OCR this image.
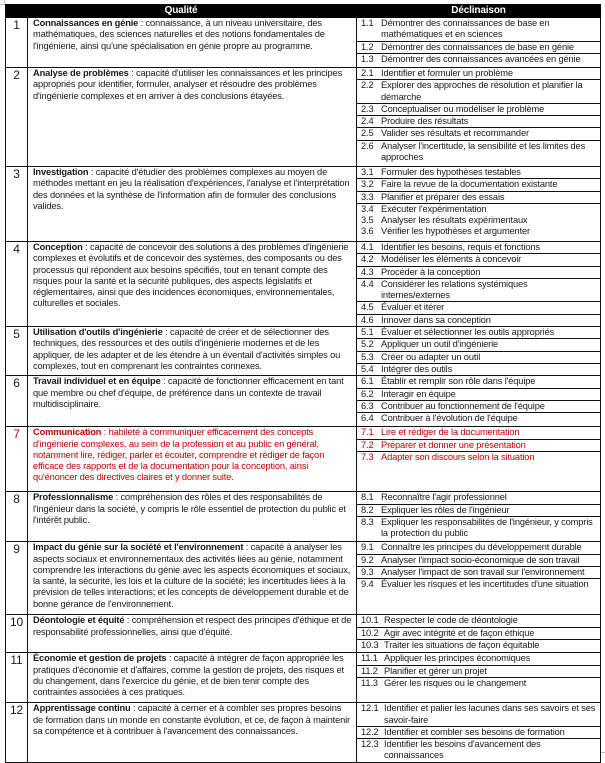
Qualité		Déclinaison
1	Connaissances en génie : connaissance, à un niveau universitaire, des mathématiques, des sciences naturelles et des notions fondamentales de l'ingénierie, ainsi qu'une spécialisation en génie propre au programme.	
1.1 Démontrer des connaissances de base en mathématiques et en sciences
1.2 Démontrer des connaissances de base en génie
1.3 Démontrer des connaissances avancées en génie

2	Analyse de problèmes : capacité d'utiliser les connaissances et les principes appropriés pour identifier, formuler, analyser et résoudre des problèmes d'ingénierie complexes et en arriver à des conclusions étayées.	
2.1 Identifier et formuler un problème
2.2 Explorer des approches de résolution et planifier la démarche
2.3 Conceptualiser ou modéliser le problème
2.4 Produire des résultats
2.5 Valider ses résultats et recommander
2.6 Analyser l'incertitude, la sensibilité et les limites des approches

3	Investigation : capacité d'étudier des problèmes complexes au moyen de méthodes mettant en jeu la réalisation d'expériences, l'analyse et l'interprétation des données et la synthèse de l'information afin de formuler des conclusions valides.	
3.1 Formuler des hypothèses testables
3.2 Faire la revue de la documentation existante
3.3 Planifier et préparer des essais
3.4 Exécuter l'expérimentation
3.5 Analyser les résultats expérimentaux
3.6 Vérifier les hypothèses et argumenter

4	Conception : capacité de concevoir des solutions à des problèmes d'ingénierie complexes et évolutifs et de concevoir des systèmes, des composants ou des processus qui répondent aux besoins spécifiés, tout en tenant compte des risques pour la santé et la sécurité publiques, des aspects législatifs et réglementaires, ainsi que des incidences économiques, environnementales, culturelles et sociales.	
4.1 Identifier les besoins, requis et fonctions
4.2 Modéliser les éléments à concevoir
4.3 Procéder à la conception
4.4 Considérer les relations systémiques internes/externes
4.5 Évaluer et itérer
4.6 Innover dans sa conception

5	Utilisation d'outils d'ingénierie : capacité de créer et de sélectionner des techniques, des ressources et des outils d'ingénierie modernes et de les appliquer, de les adapter et de les étendre à un éventail d'activités simples ou complexes, tout en comprenant les contraintes connexes.	
5.1 Évaluer et sélectionner les outils appropriés
5.2 Appliquer un outil d'ingénierie
5.3 Créer ou adapter un outil
5.4 Intégrer des outils

6	Travail individuel et en équipe : capacité de fonctionner efficacement en tant que membre ou chef d'équipe, de préférence dans un contexte de travail multidisciplinaire.	
6.1 Établir et remplir son rôle dans l'équipe
6.2 Interagir en équipe
6.3 Contribuer au fonctionnement de l'équipe
6.4 Contribuer à l'évolution de l'équipe

7	Communication : habileté à communiquer efficacement des concepts d'ingénierie complexes, au sein de la profession et au public en général, notamment lire, rédiger, parler et écouter, comprendre et rédiger de façon efficace des rapports et de la documentation pour la conception, ainsi qu'énoncer des directives claires et y donner suite.	
7.1 Lire et rédiger de la documentation
7.2 Préparer et donner une présentation
7.3 Adapter son discours selon la situation

8	Professionnalisme : compréhension des rôles et des responsabilités de l'ingénieur dans la société, y compris le rôle essentiel de protection du public et l'intérêt public.	
8.1 Reconnaître l'agir professionnel
8.2 Expliquer les rôles de l'ingénieur
8.3 Expliquer les responsabilités de l'ingénieur, y compris la protection du public

9	Impact du génie sur la société et l'environnement : capacité à analyser les aspects sociaux et environnementaux des activités liées au génie, notamment comprendre les interactions du génie avec les aspects économiques et sociaux, la santé, la sécurité, les lois et la culture de la société; les incertitudes liées à la prévision de telles interactions; et les concepts de développement durable et de bonne gérance de l'environnement.	
9.1 Connaître les principes du développement durable
9.2 Analyser l'impact socio-économique de son travail
9.3 Analyser l'impact de son travail sur l'environnement
9.4 Évaluer les risques et les incertitudes d'une situation

10	Déontologie et équité : compréhension et respect des principes d'éthique et de responsabilité professionnelles, ainsi que d'équité.	
10.1 Respecter le code de déontologie
10.2 Agir avec intégrité et de façon éthique
10.3 Traiter les situations de façon équitable

11	Économie et gestion de projets : capacité à intégrer de façon appropriée les pratiques d'économie et d'affaires, comme la gestion de projets, des risques et du changement, dans l'exercice du génie, et de bien tenir compte des contraintes associées à ces pratiques.	
11.1 Appliquer les principes économiques
11.2 Planifier et gérer un projet
11.3 Gérer les risques ou le changement

12	Apprentissage continu : capacité à cerner et à combler ses propres besoins de formation dans un monde en constante évolution, et ce, de façon à maintenir sa compétence et à contribuer à l'avancement des connaissances.	
12.1 Identifier et palier les lacunes dans ses savoirs et ses savoir-faire
12.2 Identifier et combler ses besoins de formation
12.3 Identifier les besoins d'avancement des connaissances
